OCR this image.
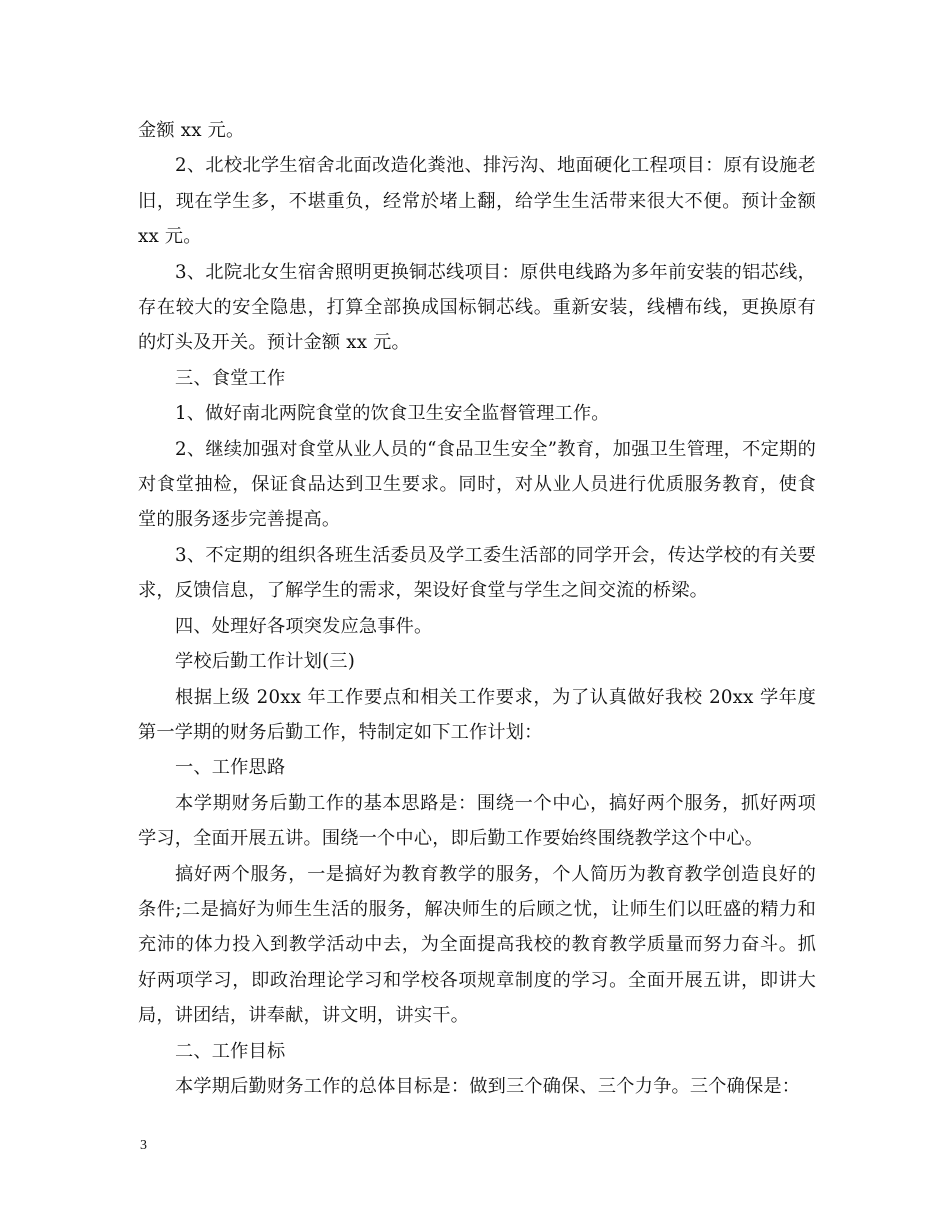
金额 xx 元。

2、北校北学生宿舍北面改造化粪池、排污沟、地面硬化工程项目：原有设施老旧，现在学生多，不堪重负，经常於堵上翻，给学生生活带来很大不便。预计金额 xx 元。

3、北院北女生宿舍照明更换铜芯线项目：原供电线路为多年前安装的铝芯线，存在较大的安全隐患，打算全部换成国标铜芯线。重新安装，线槽布线，更换原有的灯头及开关。预计金额 xx 元。

三、食堂工作

1、做好南北两院食堂的饮食卫生安全监督管理工作。

2、继续加强对食堂从业人员的“食品卫生安全”教育，加强卫生管理，不定期的对食堂抽检，保证食品达到卫生要求。同时，对从业人员进行优质服务教育，使食堂的服务逐步完善提高。

3、不定期的组织各班生活委员及学工委生活部的同学开会，传达学校的有关要求，反馈信息，了解学生的需求，架设好食堂与学生之间交流的桥梁。

四、处理好各项突发应急事件。

学校后勤工作计划(三)

根据上级 20xx 年工作要点和相关工作要求，为了认真做好我校 20xx 学年度第一学期的财务后勤工作，特制定如下工作计划：

一、工作思路

本学期财务后勤工作的基本思路是：围绕一个中心，搞好两个服务，抓好两项学习，全面开展五讲。围绕一个中心，即后勤工作要始终围绕教学这个中心。

搞好两个服务，一是搞好为教育教学的服务，个人简历为教育教学创造良好的条件;二是搞好为师生生活的服务，解决师生的后顾之忧，让师生们以旺盛的精力和充沛的体力投入到教学活动中去，为全面提高我校的教育教学质量而努力奋斗。抓好两项学习，即政治理论学习和学校各项规章制度的学习。全面开展五讲，即讲大局，讲团结，讲奉献，讲文明，讲实干。

二、工作目标

本学期后勤财务工作的总体目标是：做到三个确保、三个力争。三个确保是：

3
